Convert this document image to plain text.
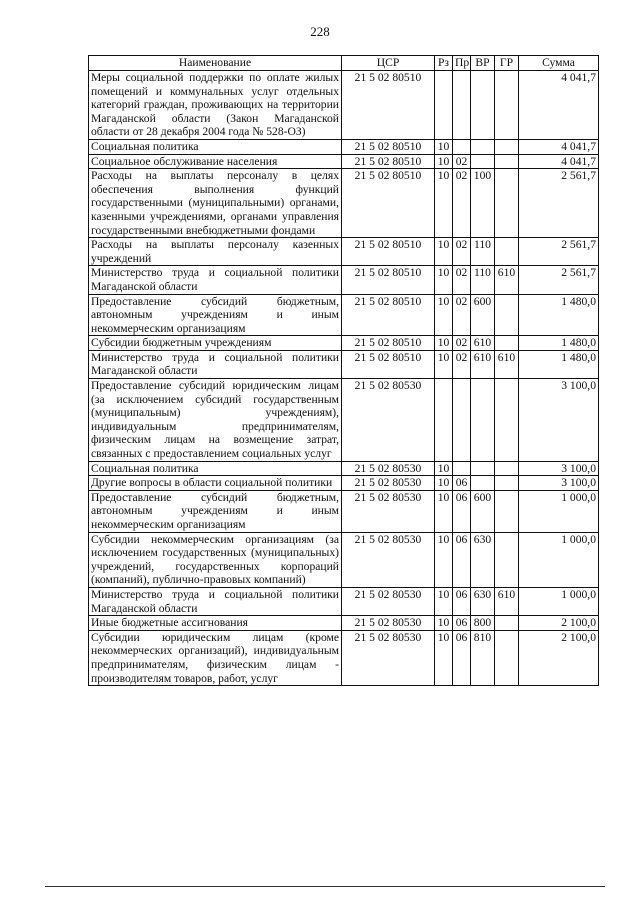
228
Наименование	ЦСР	Рз	Пр	ВР	ГР	Сумма
Меры социальной поддержки по оплате жилых помещений и коммунальных услуг отдельных категорий граждан, проживающих на территории Магаданской области (Закон Магаданской области от 28 декабря 2004 года № 528-ОЗ)	21 5 02 80510					4 041,7
Социальная политика	21 5 02 80510	10				4 041,7
Социальное обслуживание населения	21 5 02 80510	10	02			4 041,7
Расходы на выплаты персоналу в целях обеспечения выполнения функций государственными (муниципальными) органами, казенными учреждениями, органами управления государственными внебюджетными фондами	21 5 02 80510	10	02	100		2 561,7
Расходы на выплаты персоналу казенных учреждений	21 5 02 80510	10	02	110		2 561,7
Министерство труда и социальной политики Магаданской области	21 5 02 80510	10	02	110	610	2 561,7
Предоставление субсидий бюджетным, автономным учреждениям и иным некоммерческим организациям	21 5 02 80510	10	02	600		1 480,0
Субсидии бюджетным учреждениям	21 5 02 80510	10	02	610		1 480,0
Министерство труда и социальной политики Магаданской области	21 5 02 80510	10	02	610	610	1 480,0
Предоставление субсидий юридическим лицам (за исключением субсидий государственным (муниципальным) учреждениям), индивидуальным предпринимателям, физическим лицам на возмещение затрат, связанных с предоставлением социальных услуг	21 5 02 80530					3 100,0
Социальная политика	21 5 02 80530	10				3 100,0
Другие вопросы в области социальной политики	21 5 02 80530	10	06			3 100,0
Предоставление субсидий бюджетным, автономным учреждениям и иным некоммерческим организациям	21 5 02 80530	10	06	600		1 000,0
Субсидии некоммерческим организациям (за исключением государственных (муниципальных) учреждений, государственных корпораций (компаний), публично-правовых компаний)	21 5 02 80530	10	06	630		1 000,0
Министерство труда и социальной политики Магаданской области	21 5 02 80530	10	06	630	610	1 000,0
Иные бюджетные ассигнования	21 5 02 80530	10	06	800		2 100,0
Субсидии юридическим лицам (кроме некоммерческих организаций), индивидуальным предпринимателям, физическим лицам - производителям товаров, работ, услуг	21 5 02 80530	10	06	810		2 100,0
